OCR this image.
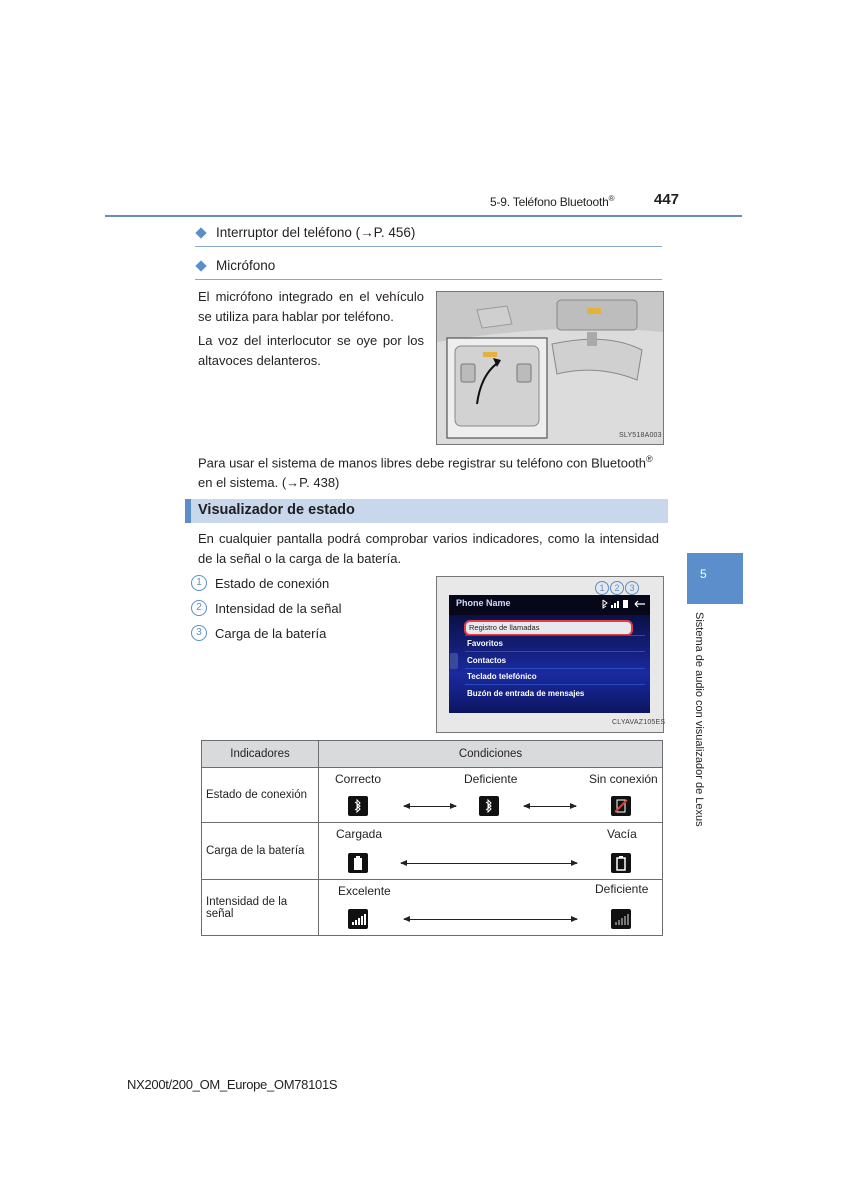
5-9. Teléfono Bluetooth®	447
Interruptor del teléfono (→P. 456)
Micrófono
El micrófono integrado en el vehículo se utiliza para hablar por teléfono.
La voz del interlocutor se oye por los altavoces delanteros.
SLY518A003
Para usar el sistema de manos libres debe registrar su teléfono con Bluetooth®
en el sistema. (→P. 438)
Visualizador de estado
En cualquier pantalla podrá comprobar varios indicadores, como la intensidad de la señal o la carga de la batería.
1	Estado de conexión
2	Intensidad de la señal
3	Carga de la batería
1	2	3
Phone Name
Registro de llamadas
Favoritos
Contactos
Teclado telefónico
Buzón de entrada de mensajes
CLYAVAZ105ES
Indicadores	Condiciones
Estado de conexión	Correcto Deficiente Sin conexión

Carga de la batería	Cargada Vacía

Intensidad de la señal	Excelente Deficiente
5
Sistema de audio con visualizador de Lexus
NX200t/200_OM_Europe_OM78101S
